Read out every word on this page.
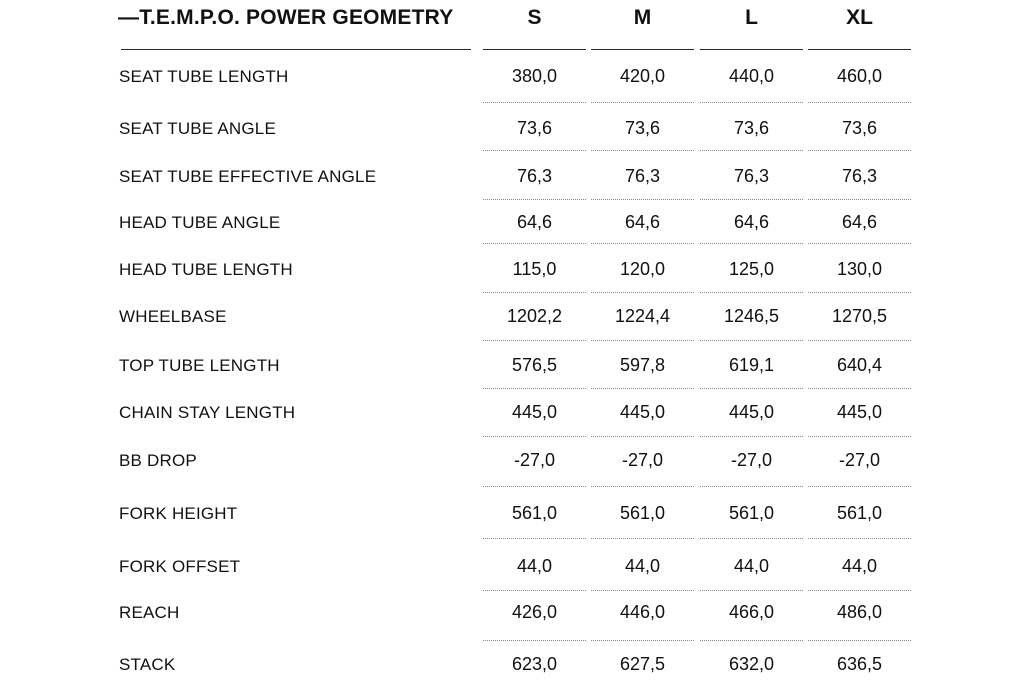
—T.E.M.P.O. POWER GEOMETRY	S	M	L	XL
SEAT TUBE LENGTH	380,0	420,0	440,0	460,0
SEAT TUBE ANGLE	73,6	73,6	73,6	73,6
SEAT TUBE EFFECTIVE ANGLE	76,3	76,3	76,3	76,3
HEAD TUBE ANGLE	64,6	64,6	64,6	64,6
HEAD TUBE LENGTH	115,0	120,0	125,0	130,0
WHEELBASE	1202,2	1224,4	1246,5	1270,5
TOP TUBE LENGTH	576,5	597,8	619,1	640,4
CHAIN STAY LENGTH	445,0	445,0	445,0	445,0
BB DROP	-27,0	-27,0	-27,0	-27,0
FORK HEIGHT	561,0	561,0	561,0	561,0
FORK OFFSET	44,0	44,0	44,0	44,0
REACH	426,0	446,0	466,0	486,0
STACK	623,0	627,5	632,0	636,5
